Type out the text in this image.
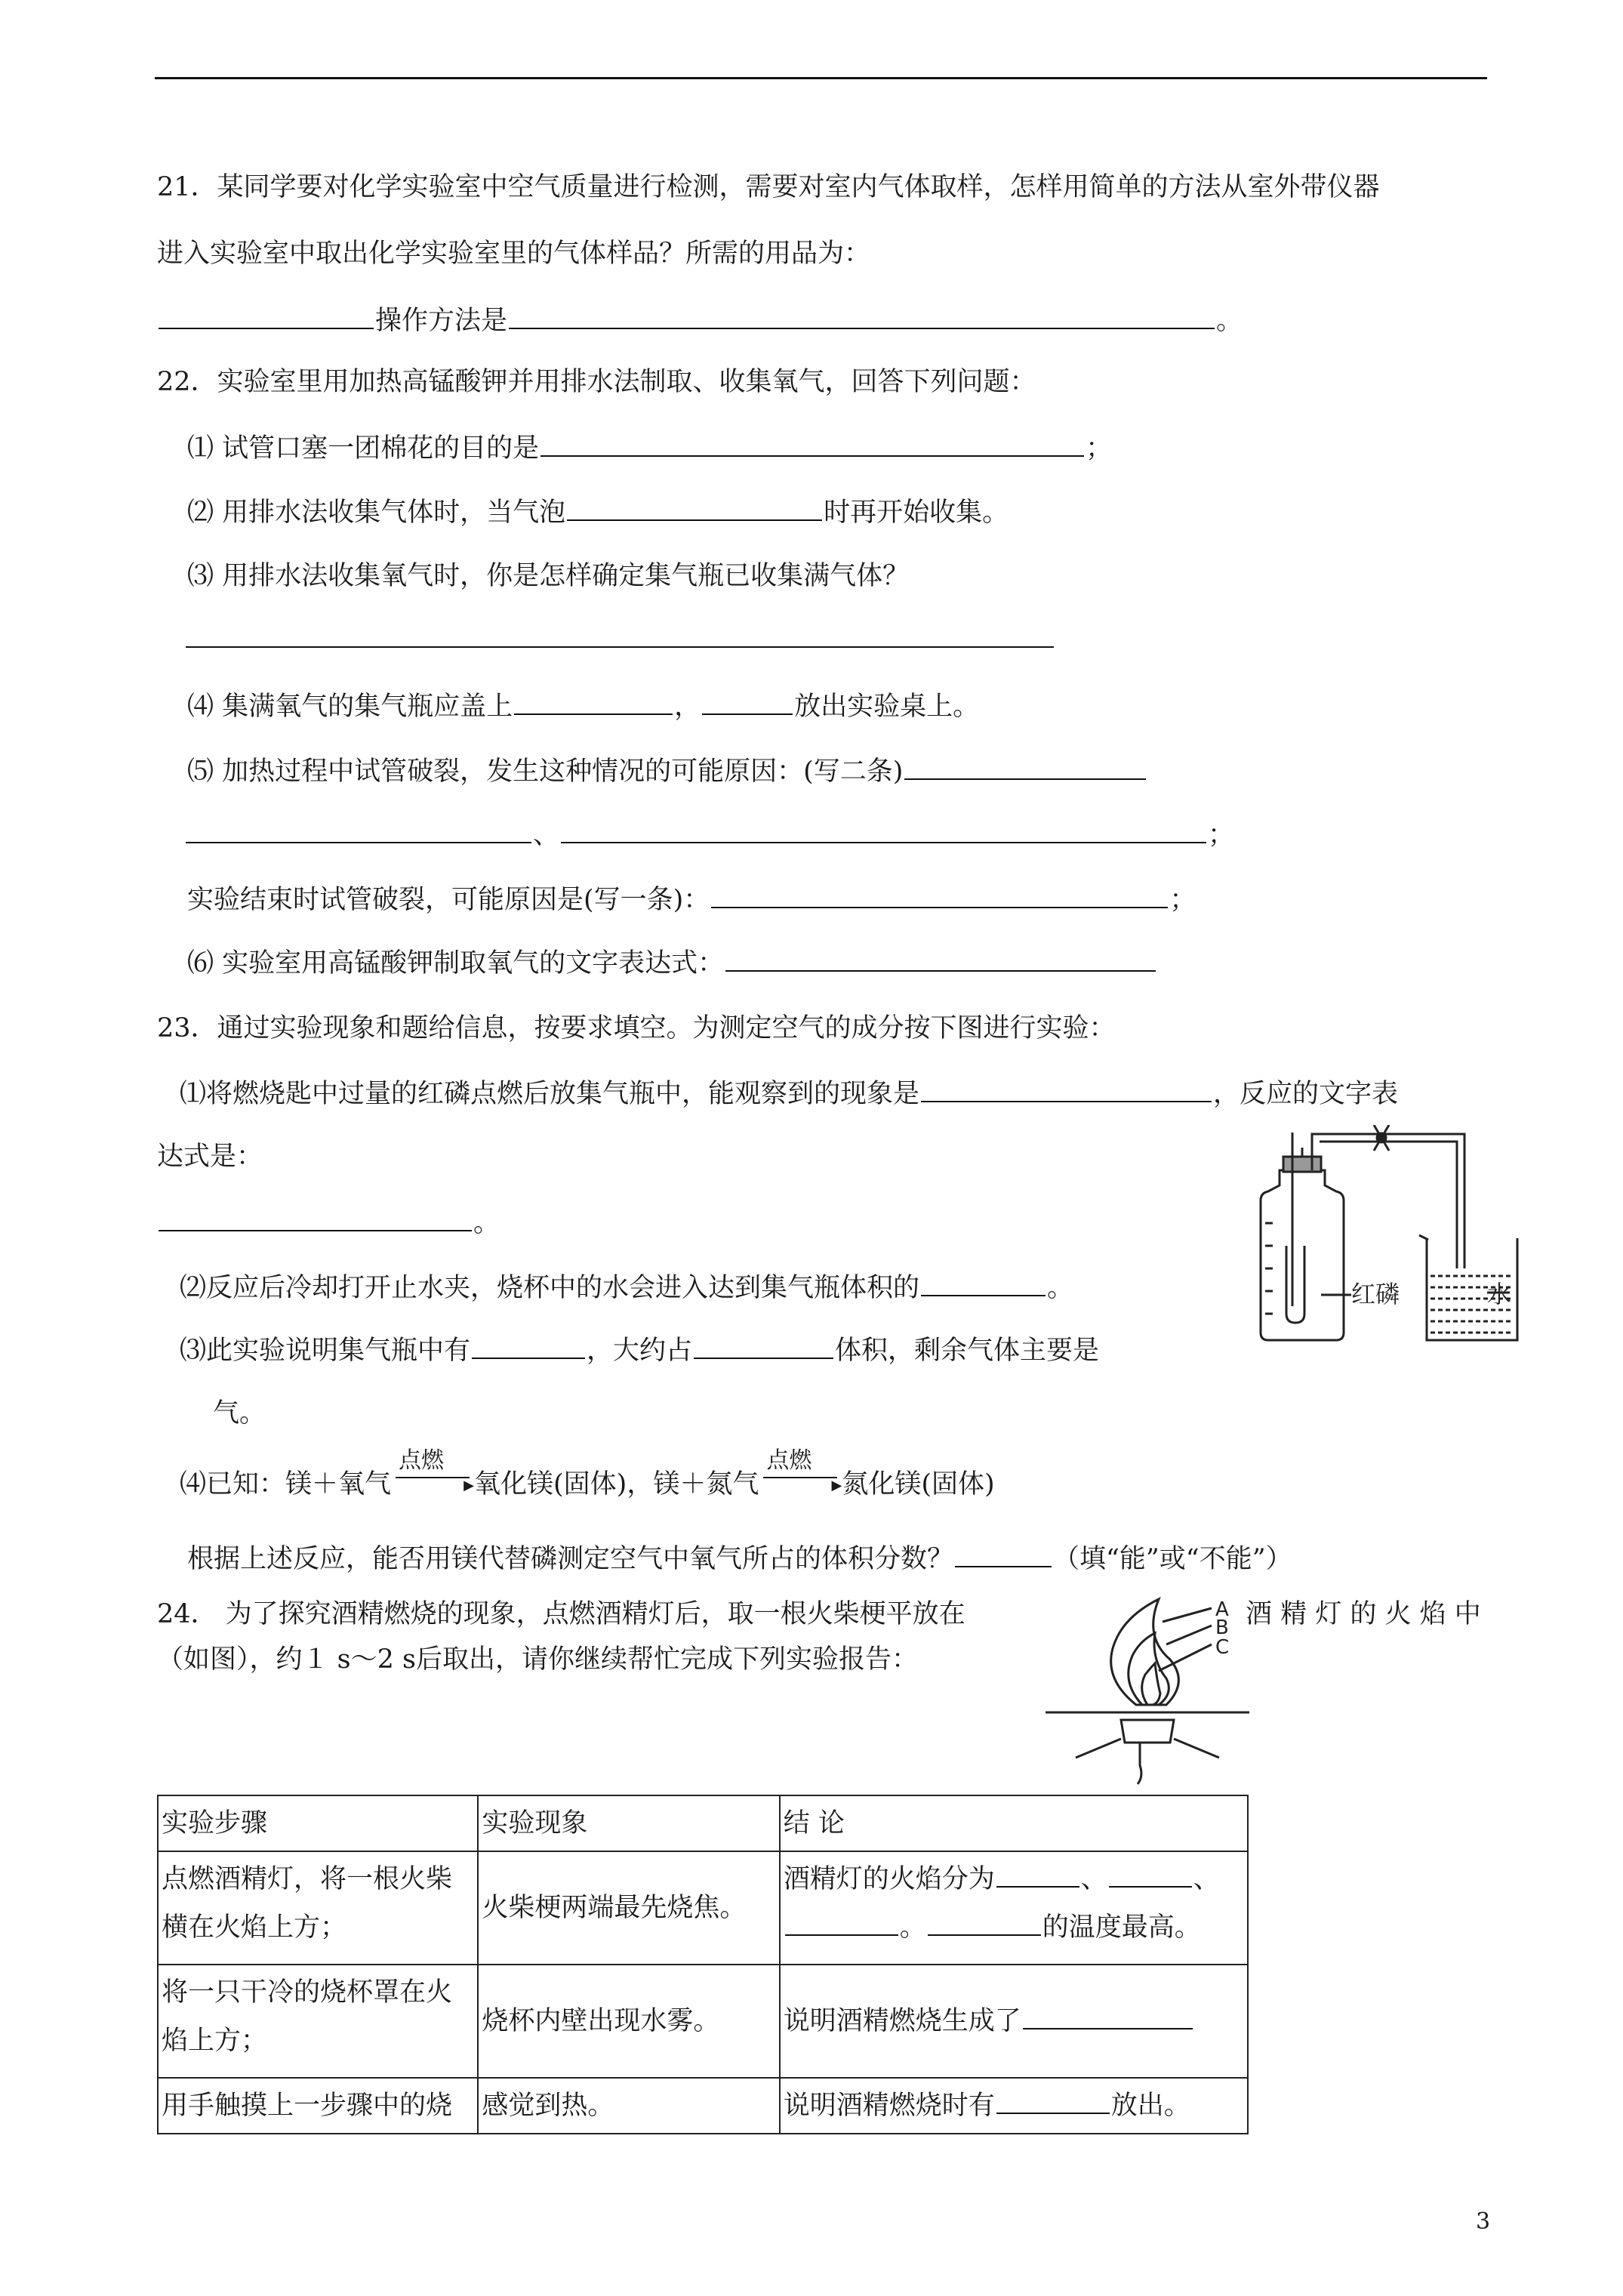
21．某同学要对化学实验室中空气质量进行检测，需要对室内气体取样，怎样用简单的方法从室外带仪器
进入实验室中取出化学实验室里的气体样品？所需的用品为：
操作方法是	。
22．实验室里用加热高锰酸钾并用排水法制取、收集氧气，回答下列问题：
⑴ 试管口塞一团棉花的目的是	；
⑵ 用排水法收集气体时，当气泡	时再开始收集。
⑶ 用排水法收集氧气时，你是怎样确定集气瓶已收集满气体？
⑷ 集满氧气的集气瓶应盖上	，	放出实验桌上。
⑸ 加热过程中试管破裂，发生这种情况的可能原因：(写二条)
、	；
实验结束时试管破裂，可能原因是(写一条)：	；
⑹ 实验室用高锰酸钾制取氧气的文字表达式：
23．通过实验现象和题给信息，按要求填空。为测定空气的成分按下图进行实验：
⑴将燃烧匙中过量的红磷点燃后放集气瓶中，能观察到的现象是	，反应的文字表
达式是：
。
⑵反应后冷却打开止水夹，烧杯中的水会进入达到集气瓶体积的	。
⑶此实验说明集气瓶中有	，大约占	体积，剩余气体主要是
气。
⑷已知：镁＋氧气
点燃
▶ 氧化镁(固体)，镁＋氮气
点燃
▶ 氮化镁(固体)
根据上述反应，能否用镁代替磷测定空气中氧气所占的体积分数？	（填“能”或“不能”）
红磷	水
24． 为了探究酒精燃烧的现象，点燃酒精灯后，取一根火柴梗平放在	酒 精 灯 的 火 焰 中
（如图），约１ s～2 s后取出，请你继续帮忙完成下列实验报告：
A
B
C
实验步骤	实验现象	结 论
点燃酒精灯，将一根火柴横在火焰上方；	火柴梗两端最先烧焦。	酒精灯的火焰分为 、 、
。 的温度最高。
将一只干冷的烧杯罩在火焰上方；	烧杯内壁出现水雾。	说明酒精燃烧生成了
用手触摸上一步骤中的烧	感觉到热。	说明酒精燃烧时有 放出。
3
